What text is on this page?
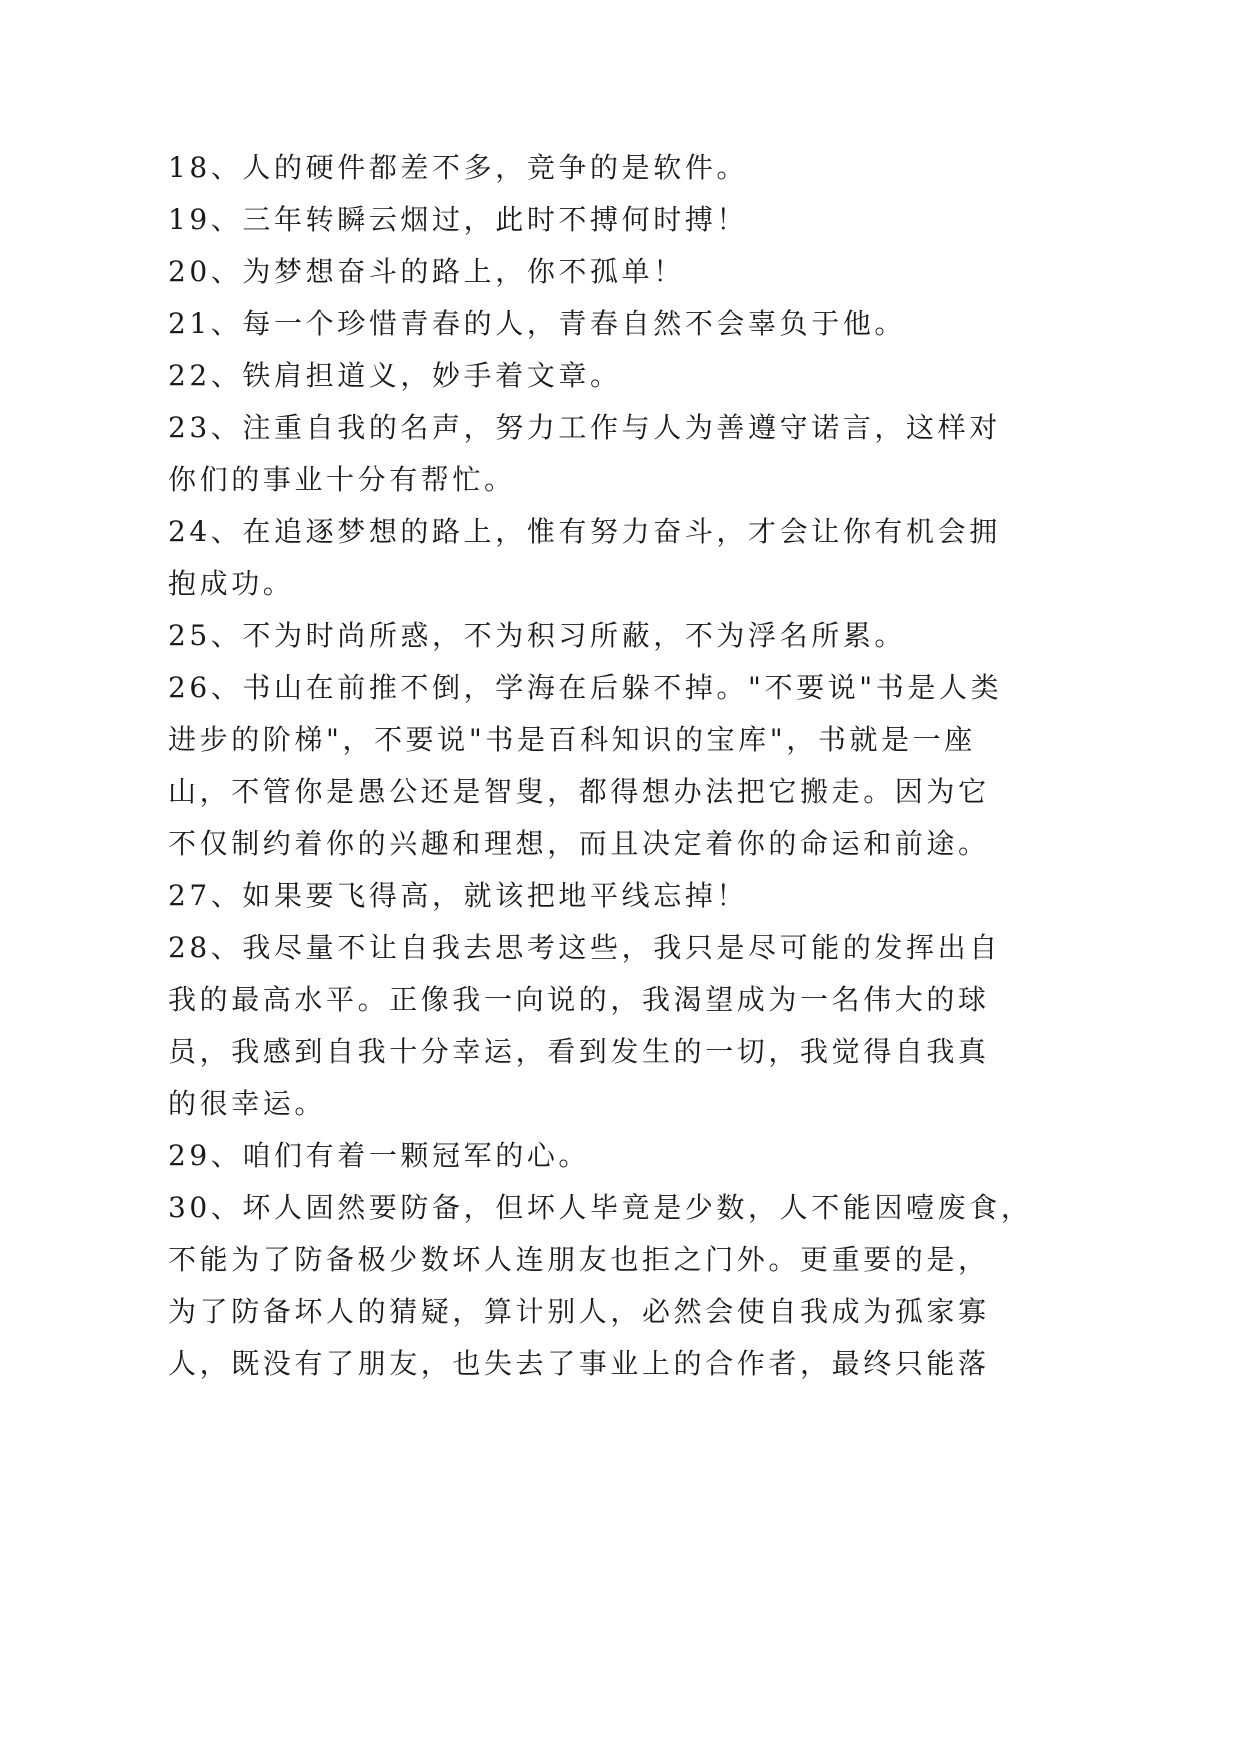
18、人的硬件都差不多，竞争的是软件。
19、三年转瞬云烟过，此时不搏何时搏！
20、为梦想奋斗的路上，你不孤单！
21、每一个珍惜青春的人，青春自然不会辜负于他。
22、铁肩担道义，妙手着文章。
23、注重自我的名声，努力工作与人为善遵守诺言，这样对
你们的事业十分有帮忙。
24、在追逐梦想的路上，惟有努力奋斗，才会让你有机会拥
抱成功。
25、不为时尚所惑，不为积习所蔽，不为浮名所累。
26、书山在前推不倒，学海在后躲不掉。"不要说"书是人类
进步的阶梯"，不要说"书是百科知识的宝库"，书就是一座
山，不管你是愚公还是智叟，都得想办法把它搬走。因为它
不仅制约着你的兴趣和理想，而且决定着你的命运和前途。
27、如果要飞得高，就该把地平线忘掉！
28、我尽量不让自我去思考这些，我只是尽可能的发挥出自
我的最高水平。正像我一向说的，我渴望成为一名伟大的球
员，我感到自我十分幸运，看到发生的一切，我觉得自我真
的很幸运。
29、咱们有着一颗冠军的心。
30、坏人固然要防备，但坏人毕竟是少数，人不能因噎废食，
不能为了防备极少数坏人连朋友也拒之门外。更重要的是，
为了防备坏人的猜疑，算计别人，必然会使自我成为孤家寡
人，既没有了朋友，也失去了事业上的合作者，最终只能落
